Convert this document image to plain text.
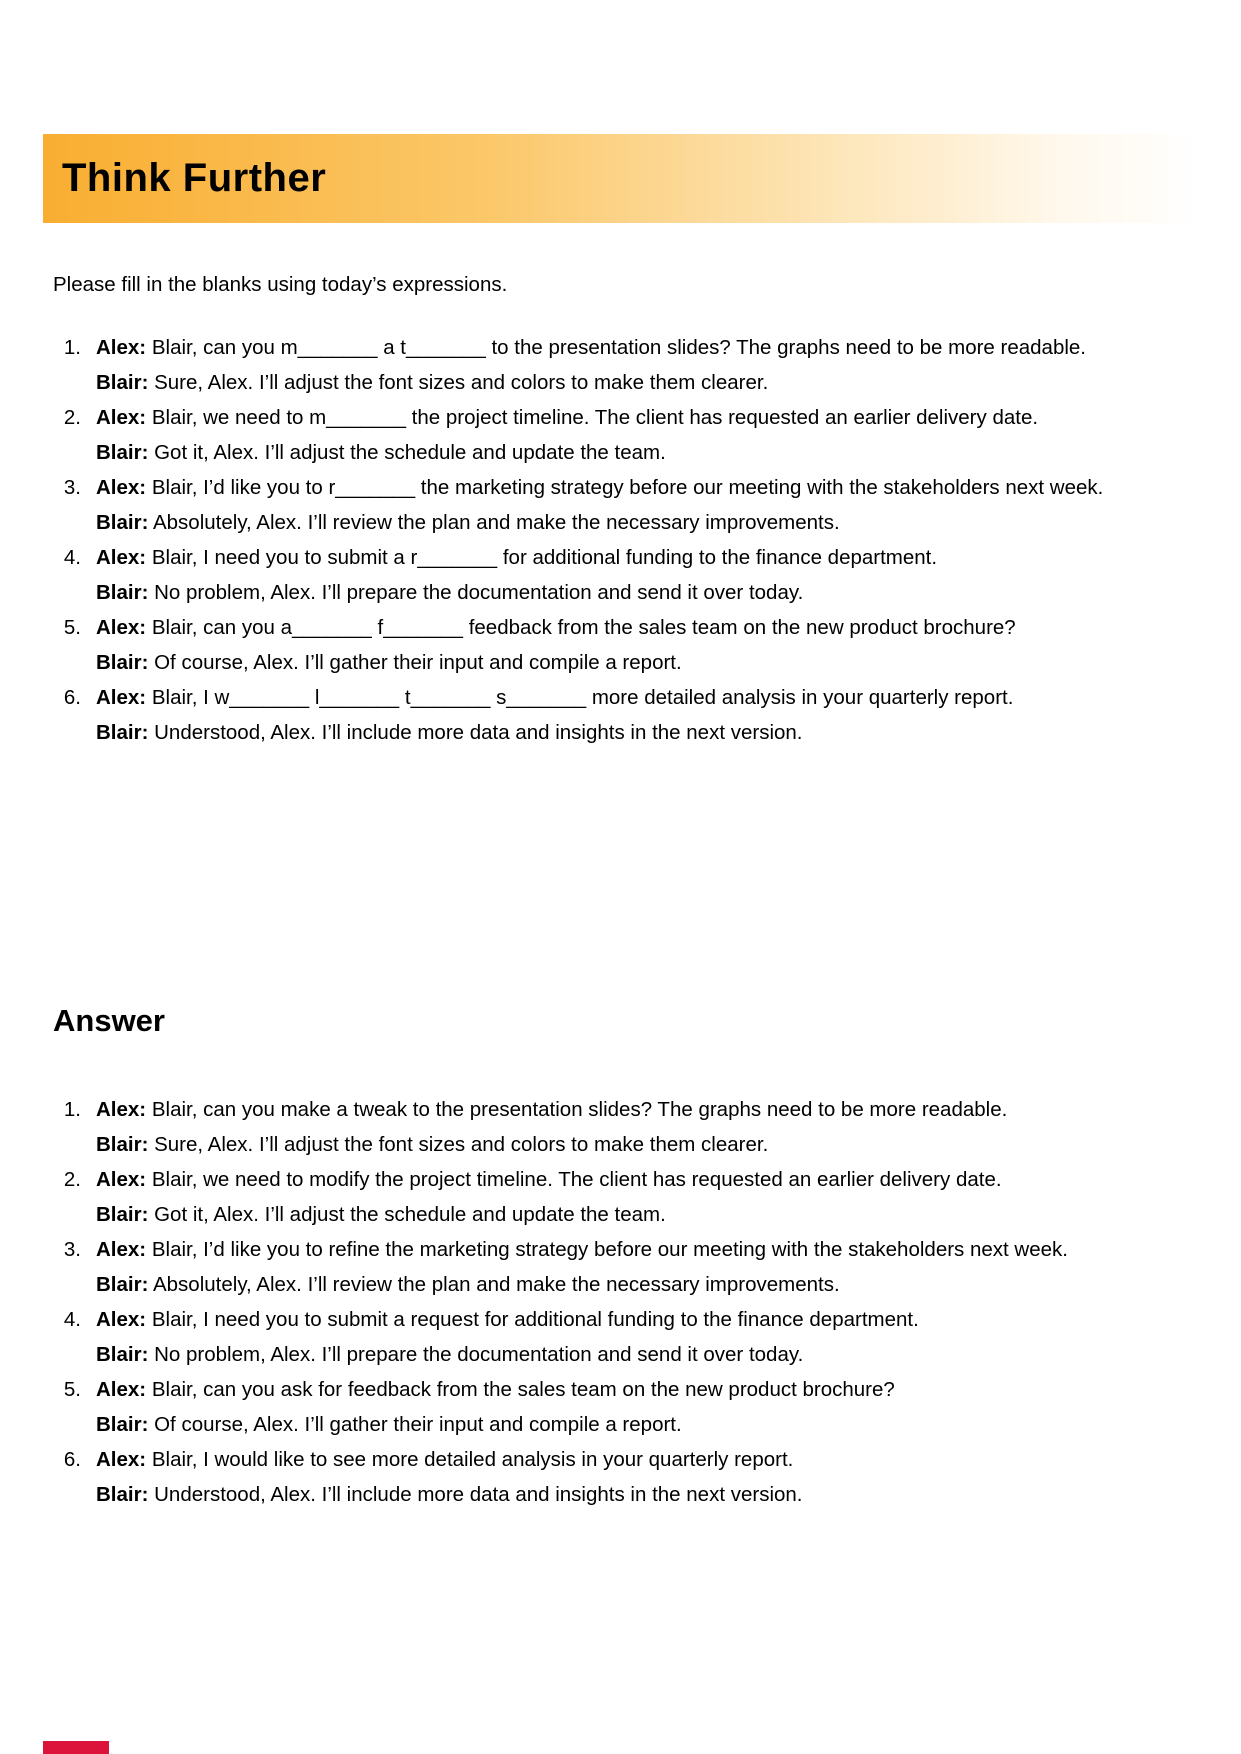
Think Further

Please fill in the blanks using today’s expressions.

1. Alex: Blair, can you m_______ a t_______ to the presentation slides? The graphs need to be more readable.

Blair: Sure, Alex. I’ll adjust the font sizes and colors to make them clearer.

2. Alex: Blair, we need to m_______ the project timeline. The client has requested an earlier delivery date.

Blair: Got it, Alex. I’ll adjust the schedule and update the team.

3. Alex: Blair, I’d like you to r_______ the marketing strategy before our meeting with the stakeholders next week.

Blair: Absolutely, Alex. I’ll review the plan and make the necessary improvements.

4. Alex: Blair, I need you to submit a r_______ for additional funding to the finance department.

Blair: No problem, Alex. I’ll prepare the documentation and send it over today.

5. Alex: Blair, can you a_______ f_______ feedback from the sales team on the new product brochure?

Blair: Of course, Alex. I’ll gather their input and compile a report.

6. Alex: Blair, I w_______ l_______ t_______ s_______ more detailed analysis in your quarterly report.

Blair: Understood, Alex. I’ll include more data and insights in the next version.

Answer
1. Alex: Blair, can you make a tweak to the presentation slides? The graphs need to be more readable.

Blair: Sure, Alex. I’ll adjust the font sizes and colors to make them clearer.

2. Alex: Blair, we need to modify the project timeline. The client has requested an earlier delivery date.

Blair: Got it, Alex. I’ll adjust the schedule and update the team.

3. Alex: Blair, I’d like you to refine the marketing strategy before our meeting with the stakeholders next week.

Blair: Absolutely, Alex. I’ll review the plan and make the necessary improvements.

4. Alex: Blair, I need you to submit a request for additional funding to the finance department.

Blair: No problem, Alex. I’ll prepare the documentation and send it over today.

5. Alex: Blair, can you ask for feedback from the sales team on the new product brochure?

Blair: Of course, Alex. I’ll gather their input and compile a report.

6. Alex: Blair, I would like to see more detailed analysis in your quarterly report.

Blair: Understood, Alex. I’ll include more data and insights in the next version.
